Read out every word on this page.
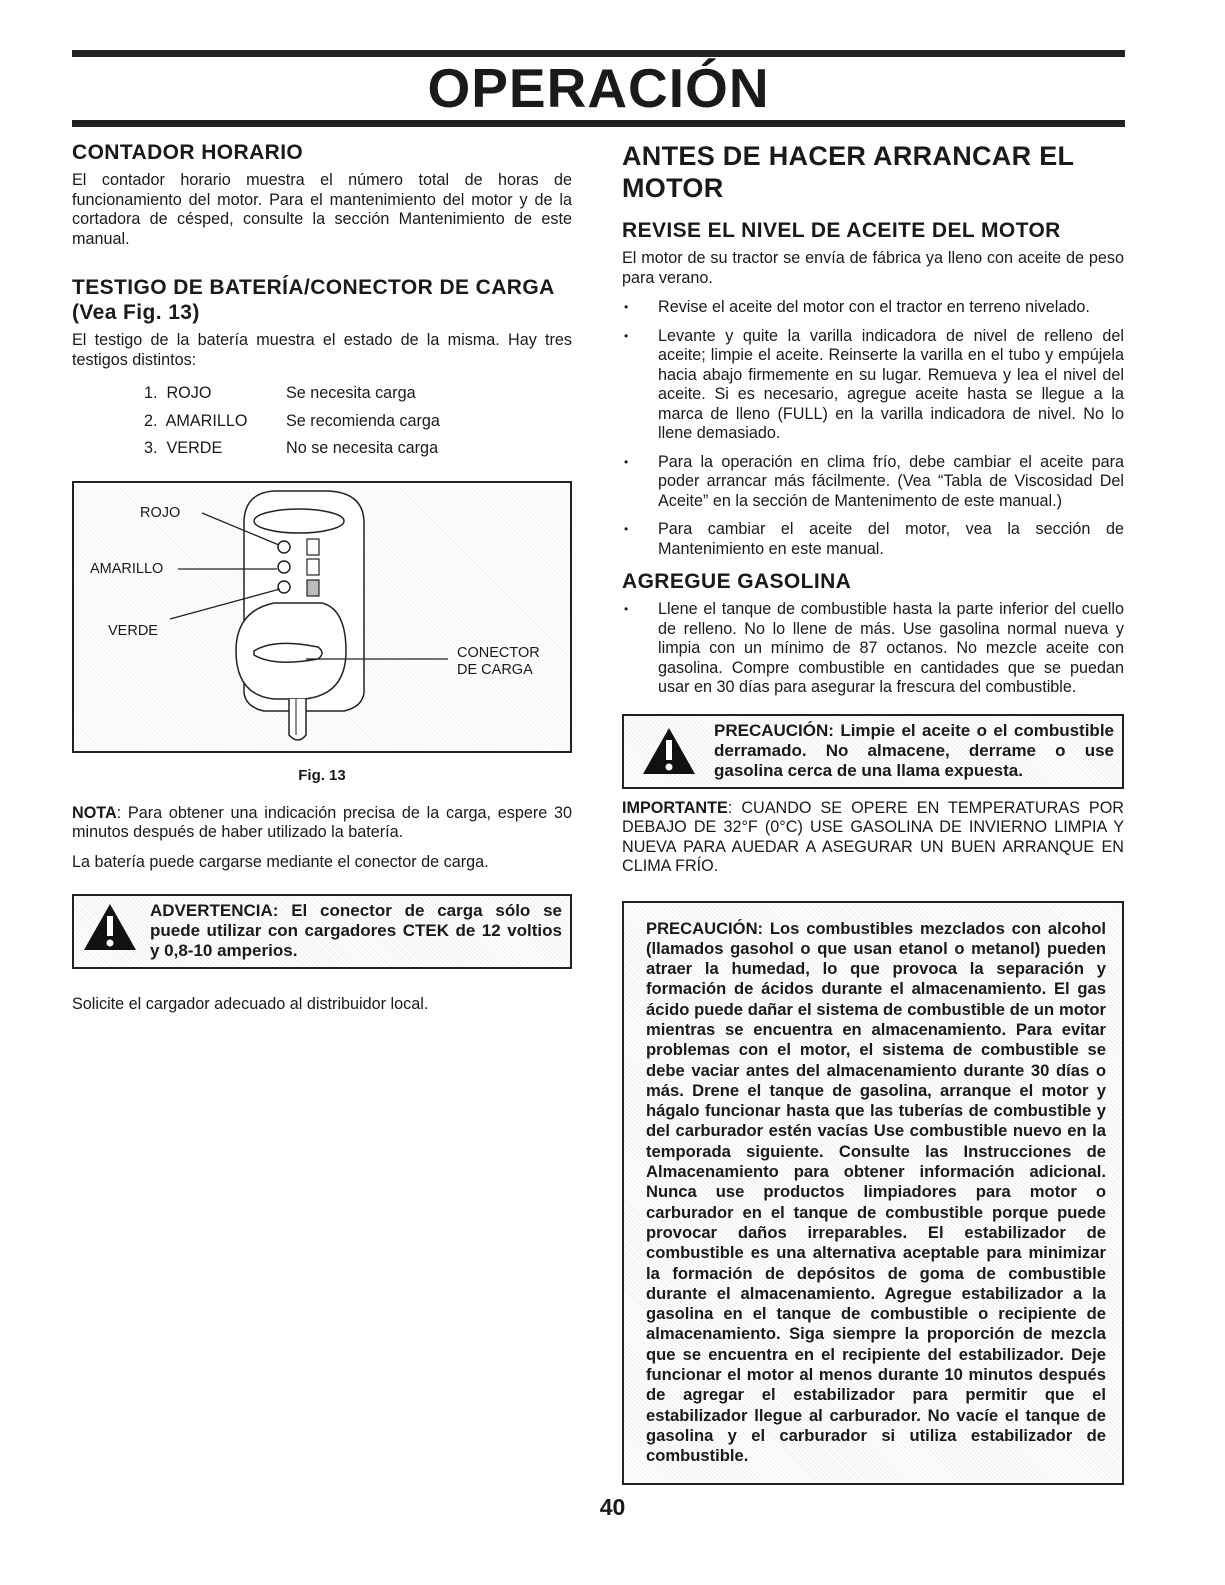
OPERACIÓN
CONTADOR HORARIO

El contador horario muestra el número total de horas de funcionamiento del motor. Para el mantenimiento del motor y de la cortadora de césped, consulte la sección Mantenimiento de este manual.

TESTIGO DE BATERÍA/CONECTOR DE CARGA
(Vea Fig. 13)

El testigo de la batería muestra el estado de la misma. Hay tres testigos distintos:

1.  ROJO	Se necesita carga
2.  AMARILLO	Se recomienda carga
3.  VERDE	No se necesita carga
ROJO
AMARILLO
VERDE
CONECTOR
DE CARGA
Fig. 13

NOTA: Para obtener una indicación precisa de la carga, espere 30 minutos después de haber utilizado la batería.

La batería puede cargarse mediante el conector de carga.

ADVERTENCIA: El conector de carga sólo se puede utilizar con cargadores CTEK de 12 voltios y 0,8-10 amperios.

Solicite el cargador adecuado al distribuidor local.

ANTES DE HACER ARRANCAR EL MOTOR
REVISE EL NIVEL DE ACEITE DEL MOTOR

El motor de su tractor se envía de fábrica ya lleno con aceite de peso para verano.

• Revise el aceite del motor con el tractor en terreno nivelado.
• Levante y quite la varilla indicadora de nivel de relleno del aceite; limpie el aceite. Reinserte la varilla en el tubo y empújela hacia abajo firmemente en su lugar. Remueva y lea el nivel del aceite. Si es necesario, agregue aceite hasta se llegue a la marca de lleno (FULL) en la varilla indicadora de nivel. No lo llene demasiado.
• Para la operación en clima frío, debe cambiar el aceite para poder arrancar más fácilmente. (Vea “Tabla de Viscosidad Del Aceite” en la sección de Mantenimento de este manual.)
• Para cambiar el aceite del motor, vea la sección de Mantenimiento en este manual.
AGREGUE GASOLINA
• Llene el tanque de combustible hasta la parte inferior del cuello de relleno. No lo llene de más. Use gasolina normal nueva y limpia con un mínimo de 87 octanos. No mezcle aceite con gasolina. Compre combustible en cantidades que se puedan usar en 30 días para asegurar la frescura del combustible.
PRECAUCIÓN: Limpie el aceite o el combustible derramado. No almacene, derrame o use gasolina cerca de una llama expuesta.

IMPORTANTE: CUANDO SE OPERE EN TEMPERATURAS POR DEBAJO DE 32°F (0°C) USE GASOLINA DE INVIERNO LIMPIA Y NUEVA PARA AUEDAR A ASEGURAR UN BUEN ARRANQUE EN CLIMA FRÍO.

PRECAUCIÓN: Los combustibles mezclados con alcohol (llamados gasohol o que usan etanol o metanol) pueden atraer la humedad, lo que provoca la separación y formación de ácidos durante el almacenamiento. El gas ácido puede dañar el sistema de combustible de un motor mientras se encuentra en almacenamiento. Para evitar problemas con el motor, el sistema de combustible se debe vaciar antes del almacenamiento durante 30 días o más. Drene el tanque de gasolina, arranque el motor y hágalo funcionar hasta que las tuberías de combustible y del carburador estén vacías Use combustible nuevo en la temporada siguiente. Consulte las Instrucciones de Almacenamiento para obtener información adicional. Nunca use productos limpiadores para motor o carburador en el tanque de combustible porque puede provocar daños irreparables. El estabilizador de combustible es una alternativa aceptable para minimizar la formación de depósitos de goma de combustible durante el almacenamiento. Agregue estabilizador a la gasolina en el tanque de combustible o recipiente de almacenamiento. Siga siempre la proporción de mezcla que se encuentra en el recipiente del estabilizador. Deje funcionar el motor al menos durante 10 minutos después de agregar el estabilizador para permitir que el estabilizador llegue al carburador. No vacíe el tanque de gasolina y el carburador si utiliza estabilizador de combustible.
40
